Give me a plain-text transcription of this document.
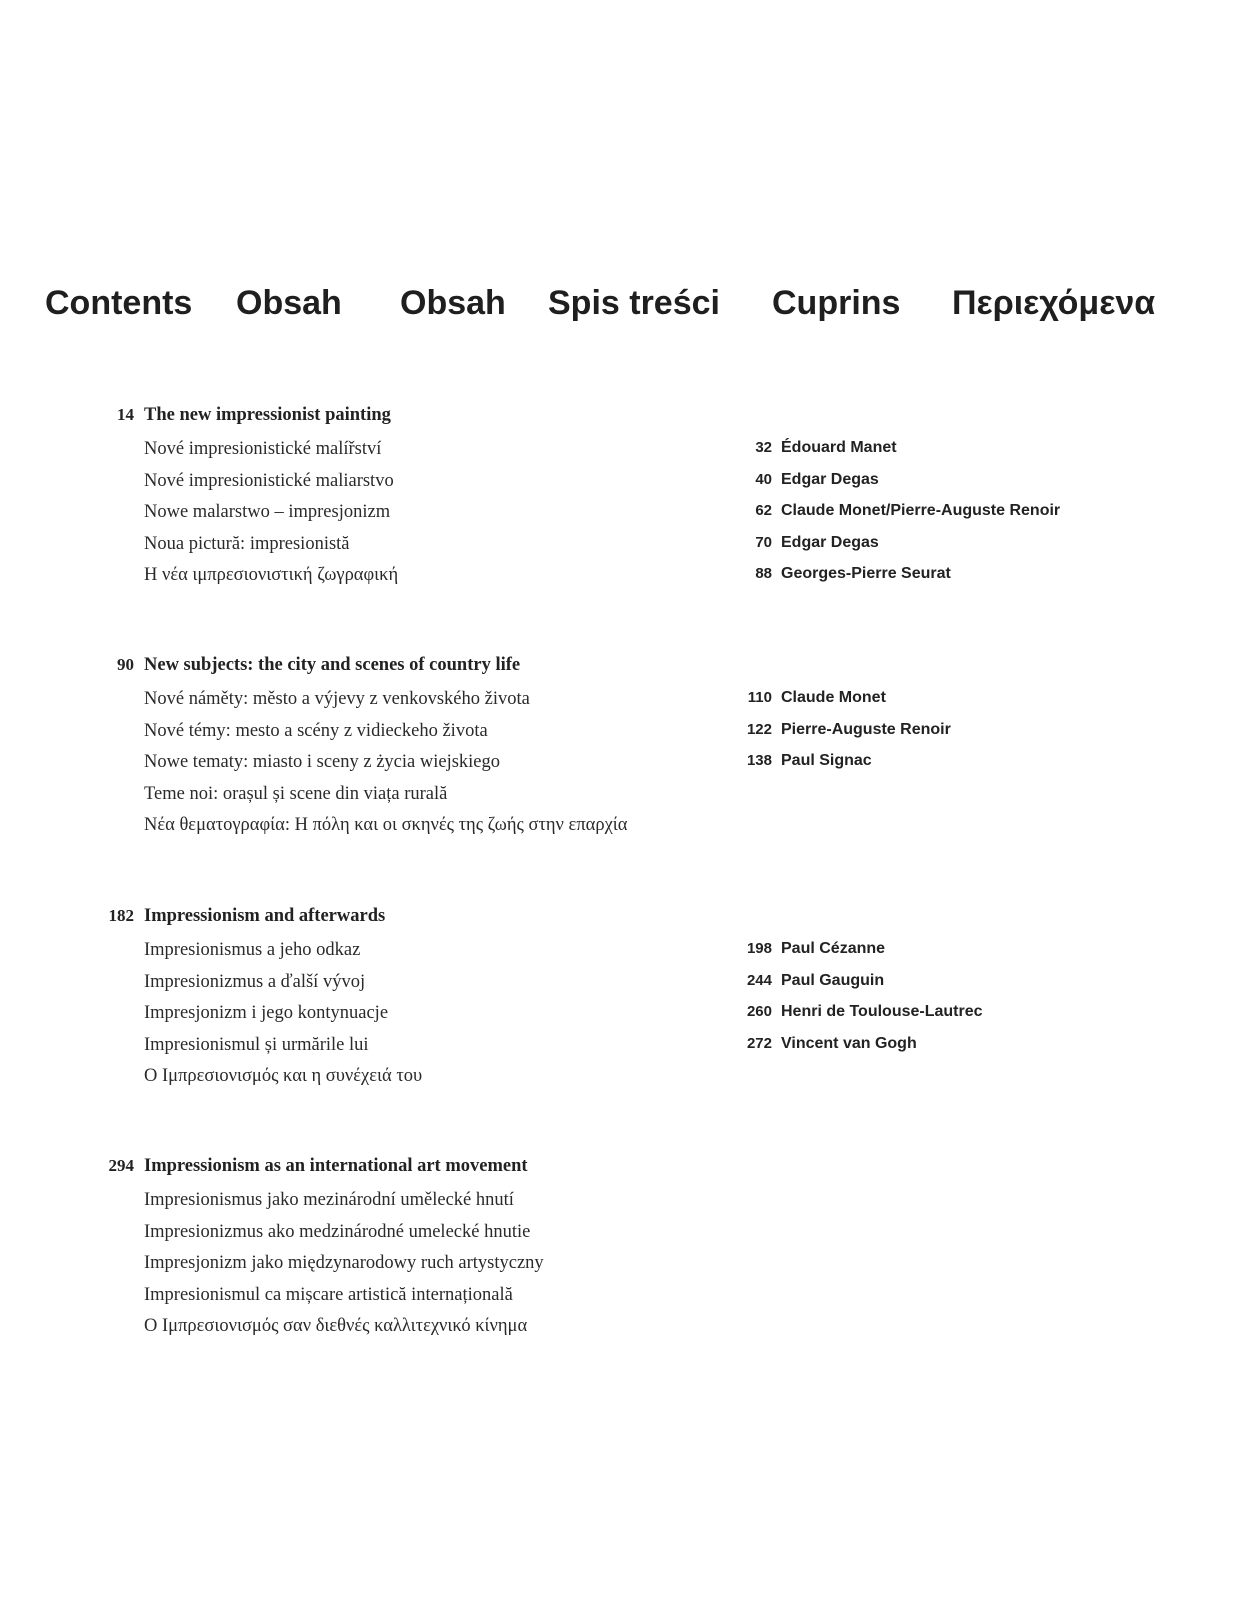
Contents Obsah Obsah Spis treści Cuprins Περιεχόμενα
14 The new impressionist painting
Nové impresionistické malířství
Nové impresionistické maliarstvo
Nowe malarstwo – impresjonizm
Noua pictură: impresionistă
Η νέα ιμπρεσιονιστική ζωγραφική
32 Édouard Manet
40 Edgar Degas
62 Claude Monet/Pierre-Auguste Renoir
70 Edgar Degas
88 Georges-Pierre Seurat
90 New subjects: the city and scenes of country life
Nové náměty: město a výjevy z venkovského života
Nové témy: mesto a scény z vidieckeho života
Nowe tematy: miasto i sceny z życia wiejskiego
Teme noi: orașul și scene din viața rurală
Νέα θεματογραφία: Η πόλη και οι σκηνές της ζωής στην επαρχία
110 Claude Monet
122 Pierre-Auguste Renoir
138 Paul Signac
182 Impressionism and afterwards
Impresionismus a jeho odkaz
Impresionizmus a ďalší vývoj
Impresjonizm i jego kontynuacje
Impresionismul și urmările lui
Ο Ιμπρεσιονισμός και η συνέχειά του
198 Paul Cézanne
244 Paul Gauguin
260 Henri de Toulouse-Lautrec
272 Vincent van Gogh
294 Impressionism as an international art movement
Impresionismus jako mezinárodní umělecké hnutí
Impresionizmus ako medzinárodné umelecké hnutie
Impresjonizm jako międzynarodowy ruch artystyczny
Impresionismul ca mișcare artistică internațională
Ο Ιμπρεσιονισμός σαν διεθνές καλλιτεχνικό κίνημα
